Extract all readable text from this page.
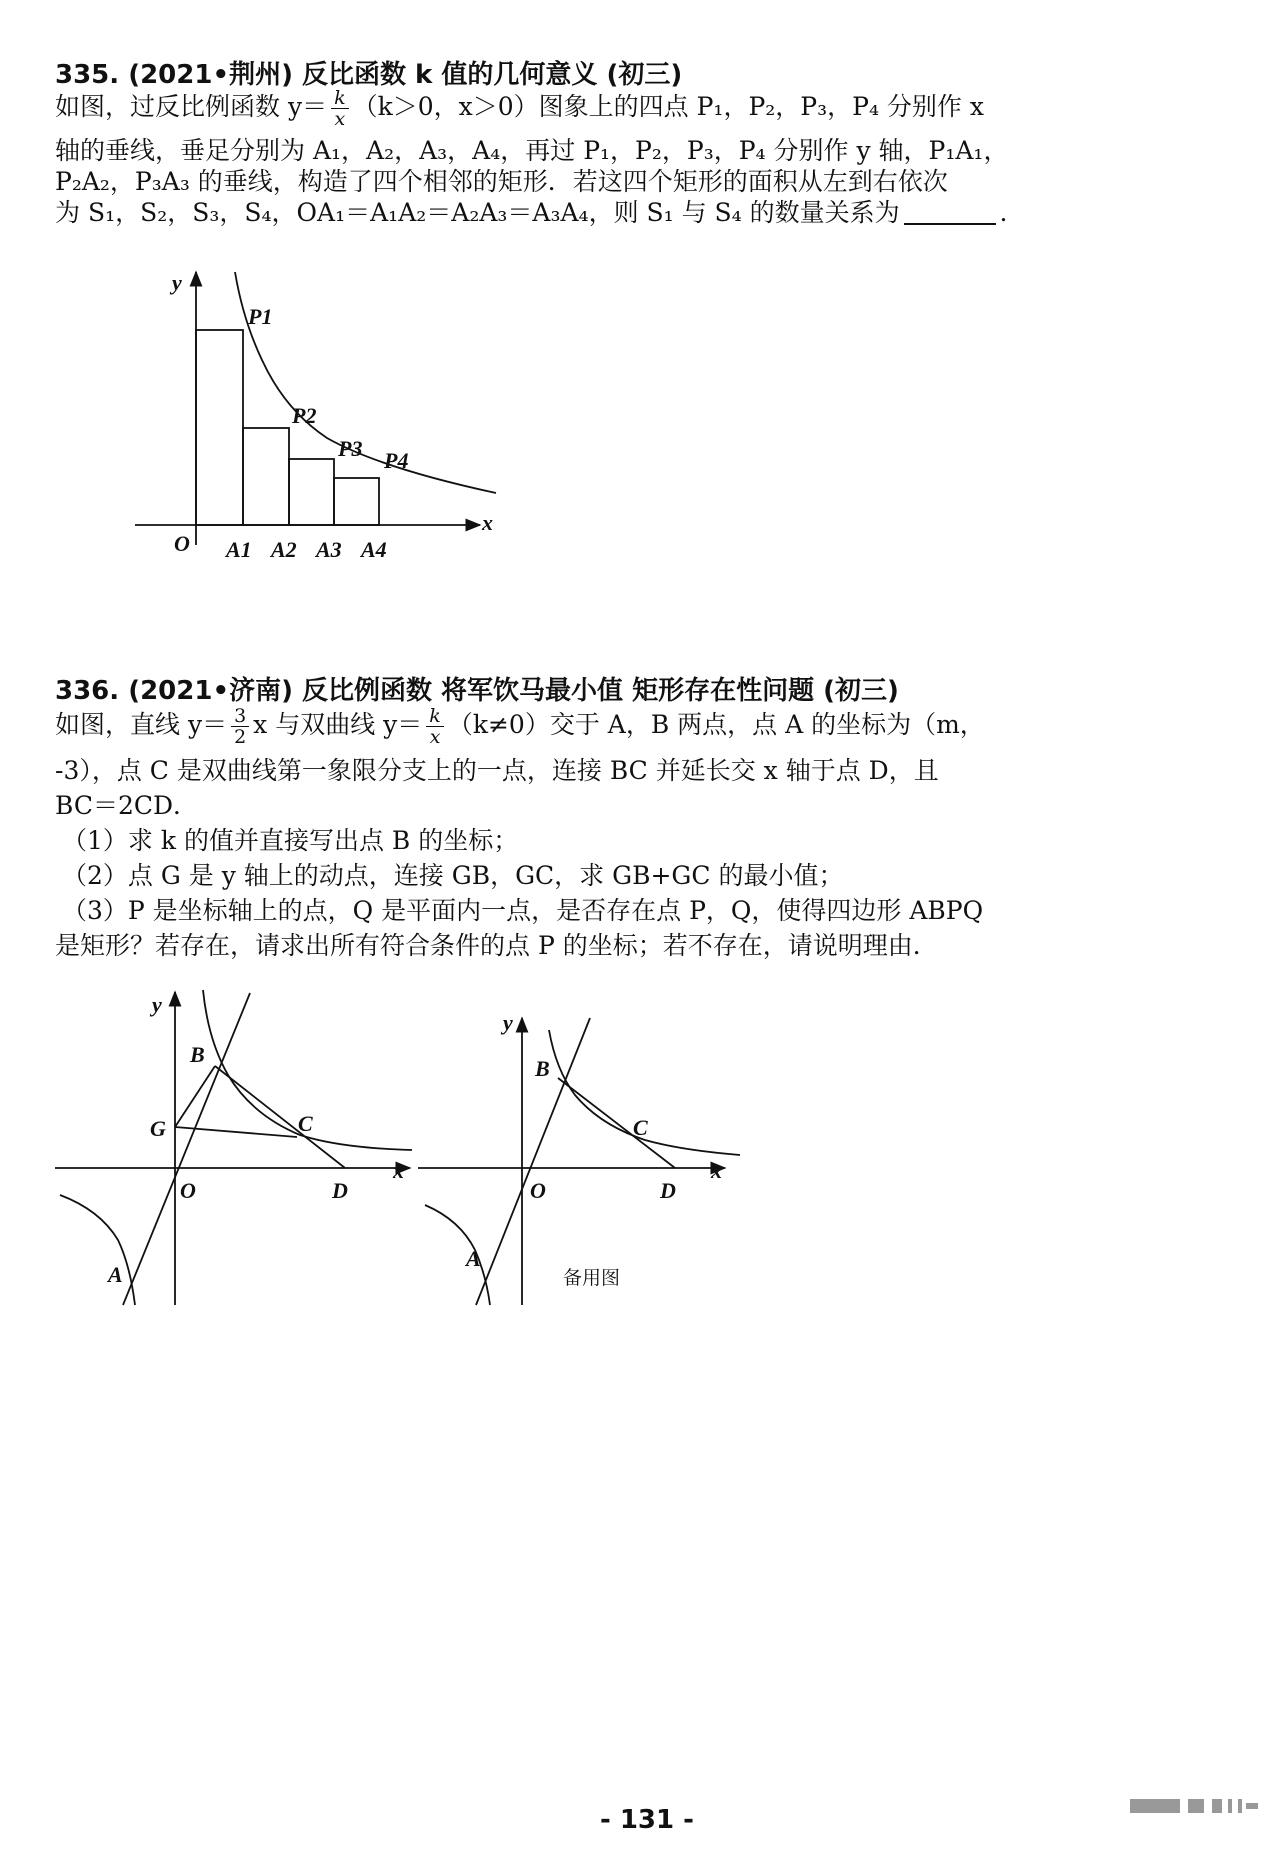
335. (2021•荆州) 反比函数 k 值的几何意义 (初三)
如图，过反比例函数 $y= \frac{k}{x} (k>0$，x＞0）图象上的四点 P₁，P₂，P₃，P₄ 分别作 x
轴的垂线，垂足分别为 A₁，A₂，A₃，A₄，再过 P₁，P₂，P₃，P₄ 分别作 y 轴，P₁A₁，
P₂A₂，P₃A₃ 的垂线，构造了四个相邻的矩形．若这四个矩形的面积从左到右依次
为 S₁，S₂，S₃，S₄，OA₁＝A₁A₂＝A₂A₃＝A₃A₄，则 S₁ 与 S₄ 的数量关系为	．
y
x
O
P1
P2
P3 P4
A1 A2 A3 A4
336. (2021•济南) 反比例函数 将军饮马最小值 矩形存在性问题 (初三)
如图，直线 $y= \frac{3}{2}$ x 与双曲线 $y= \frac{k}{x} (k\ne 0)$交于 A，B 两点，点 A 的坐标为（m，
-3），点 C 是双曲线第一象限分支上的一点，连接 BC 并延长交 x 轴于点 D，且
BC＝2CD．
（1）求 k 的值并直接写出点 B 的坐标；
（2）点 G 是 y 轴上的动点，连接 GB，GC，求 GB+GC 的最小值；
（3）P 是坐标轴上的点，Q 是平面内一点，是否存在点 P，Q，使得四边形 ABPQ
是矩形？若存在，请求出所有符合条件的点 P 的坐标；若不存在，请说明理由．
y
x
O
B
G	C
D
A
y
x
O
B
C
D
A
备用图
- 131 -
